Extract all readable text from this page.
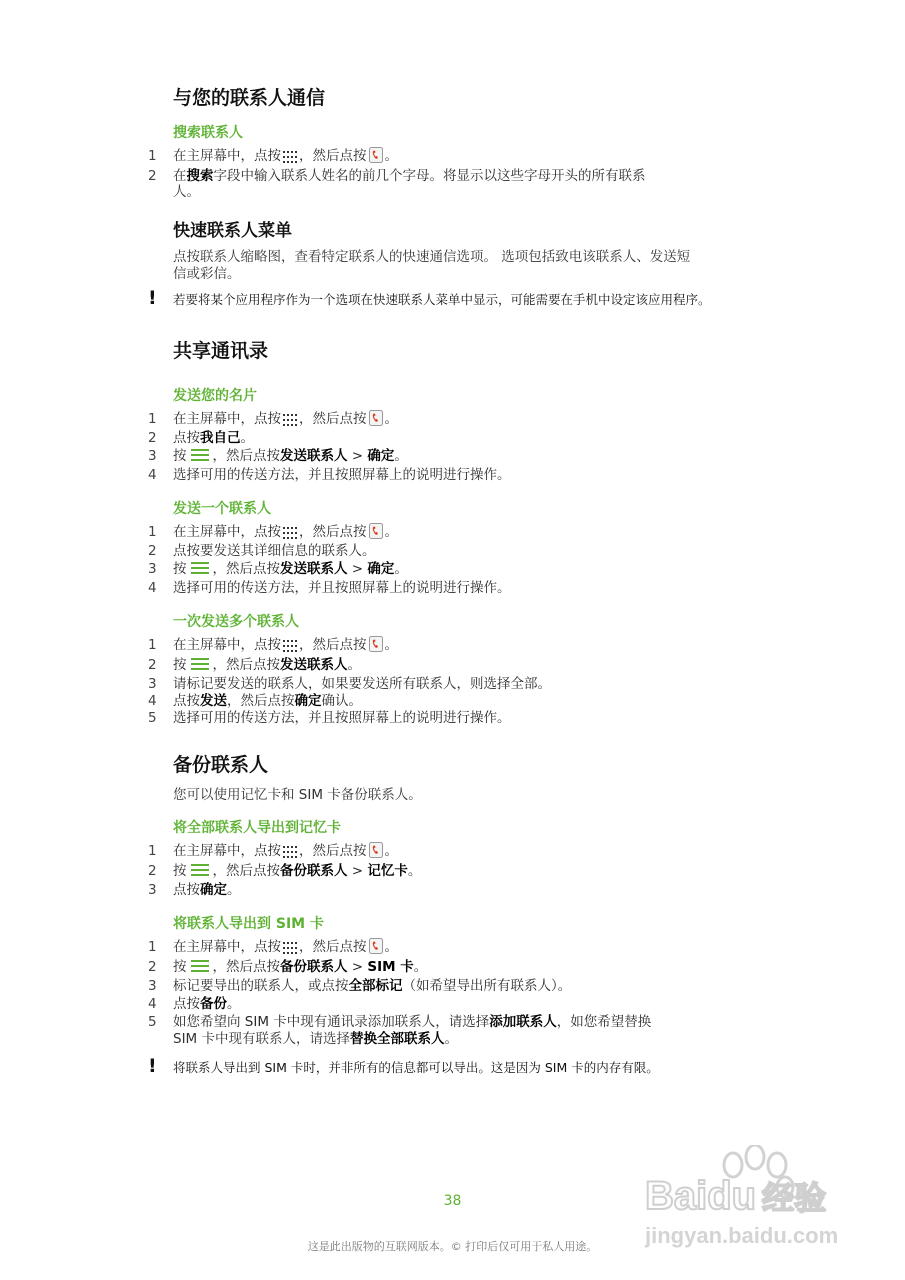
与您的联系人通信
搜索联系人
1	在主屏幕中，点按 ，然后点按 。
2	在搜索字段中输入联系人姓名的前几个字母。将显示以这些字母开头的所有联系
人。
快速联系人菜单
点按联系人缩略图，查看特定联系人的快速通信选项。 选项包括致电该联系人、发送短
信或彩信。
! 若要将某个应用程序作为一个选项在快速联系人菜单中显示，可能需要在手机中设定该应用程序。
共享通讯录
发送您的名片
1	在主屏幕中，点按 ，然后点按 。
2	点按我自己。
3	按 ，然后点按发送联系人 > 确定。
4	选择可用的传送方法，并且按照屏幕上的说明进行操作。
发送一个联系人
1	在主屏幕中，点按 ，然后点按 。
2	点按要发送其详细信息的联系人。
3	按 ，然后点按发送联系人 > 确定。
4	选择可用的传送方法，并且按照屏幕上的说明进行操作。
一次发送多个联系人
1	在主屏幕中，点按 ，然后点按 。
2	按 ，然后点按发送联系人。
3	请标记要发送的联系人，如果要发送所有联系人，则选择全部。
4	点按发送，然后点按确定确认。
5	选择可用的传送方法，并且按照屏幕上的说明进行操作。
备份联系人
您可以使用记忆卡和 SIM 卡备份联系人。
将全部联系人导出到记忆卡
1	在主屏幕中，点按 ，然后点按 。
2	按 ，然后点按备份联系人 > 记忆卡。
3	点按确定。
将联系人导出到 SIM 卡
1	在主屏幕中，点按 ，然后点按 。
2	按 ，然后点按备份联系人 > SIM 卡。
3	标记要导出的联系人，或点按全部标记（如希望导出所有联系人）。
4	点按备份。
5	如您希望向 SIM 卡中现有通讯录添加联系人，请选择添加联系人，如您希望替换
SIM 卡中现有联系人，请选择替换全部联系人。
! 将联系人导出到 SIM 卡时，并非所有的信息都可以导出。这是因为 SIM 卡的内存有限。
38
这是此出版物的互联网版本。© 打印后仅可用于私人用途。
Baidu 经验
jingyan.baidu.com
